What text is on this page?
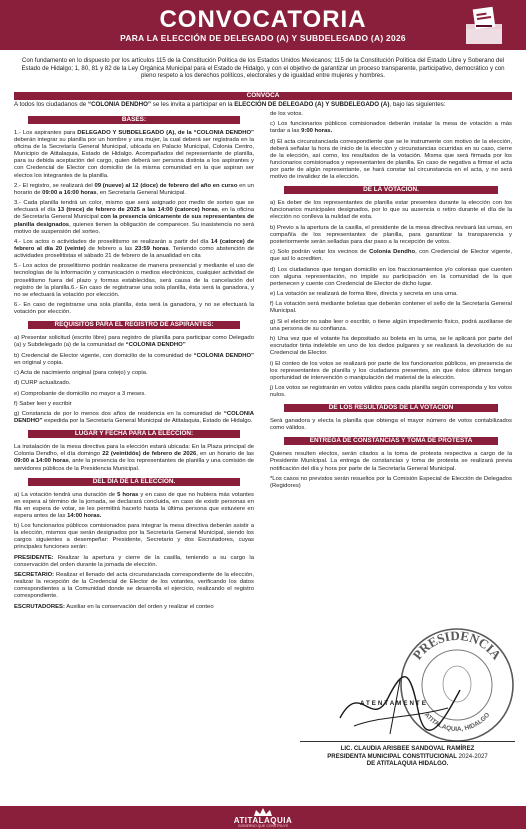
CONVOCATORIA
PARA LA ELECCIÓN DE DELEGADO (A) Y SUBDELEGADO (A) 2026
Con fundamento en lo dispuesto por los artículos 115 de la Constitución Política de los Estados Unidos Mexicanos; 115 de la Constitución Política del Estado Libre y Soberano del Estado de Hidalgo; 1, 80, 81 y 82 de la Ley Orgánica Municipal para el Estado de Hidalgo, y con el objetivo de garantizar un proceso transparente, participativo, democrático y con pleno respeto a los derechos políticos, electorales y de igualdad entre mujeres y hombres.
CONVOCA
A todos los ciudadanos de “COLONIA DENDHO” se les invita a participar en la ELECCIÓN DE DELEGADO (A) Y SUBDELEGADO (A), bajo las siguientes:
BASES:

1.- Los aspirantes para DELEGADO Y SUBDELEGADO (A), de la “COLONIA DENDHO” deberán integrar su planilla por un hombre y una mujer, la cual deberá ser registrada en la oficina de la Secretaría General Municipal, ubicada en Palacio Municipal, Colonia Centro, Municipio de Atitalaquia, Estado de Hidalgo. Acompañados del representante de planilla, para su debida aceptación del cargo, quien deberá ser persona distinta a los aspirantes y con Credencial de Elector con domicilio de la misma comunidad en la que aspiran ser electos los integrantes de la planilla.

2.- El registro, se realizará del 09 (nueve) al 12 (doce) de febrero del año en curso en un horario de 09:00 a 16:00 horas, en Secretaría General Municipal.

3.- Cada planilla tendrá un color, mismo que será asignado por medio de sorteo que se efectuará el día 13 (trece) de febrero de 2025 a las 14:00 (catorce) horas, en la oficina de Secretaría General Municipal con la presencia únicamente de sus representantes de planilla designados, quienes tienen la obligación de comparecer. Su inasistencia no será motivo de suspensión del sorteo.

4.- Los actos o actividades de proselitismo se realizarán a partir del día 14 (catorce) de febrero al día 20 (veinte) de febrero a las 23:59 horas. Teniendo como abstención de actividades proselitistas el sábado 21 de febrero de la anualidad en cita

5.- Los actos de proselitismo podrán realizarse de manera presencial y mediante el uso de tecnologías de la información y comunicación o medios electrónicos, cualquier actividad de proselitismo fuera del plazo y formas establecidas, será causa de la cancelación del registro de la planilla.6.- En caso de registrarse una sola planilla, ésta será la ganadora, y no se efectuará la votación por elección.

6.- En caso de registrarse una sola planilla, ésta será la ganadora, y no se efectuará la votación por elección.

REQUISITOS PARA EL REGISTRO DE ASPIRANTES:

a) Presentar solicitud (escrito libre) para registro de planilla para participar como Delegado (a) y Subdelegado (a) de la comunidad de “COLONIA DENDHO”

b) Credencial de Elector vigente, con domicilio de la comunidad de “COLONIA DENDHO” en original y copia.

c) Acta de nacimiento original (para cotejo) y copia.

d) CURP actualizado.

e) Comprobante de domicilio no mayor a 3 meses.

f) Saber leer y escribir

g) Constancia de por lo menos dos años de residencia en la comunidad de “COLONIA DENDHO” expedida por la Secretaría General Municipal de Atitalaquia, Estado de Hidalgo.

LUGAR Y FECHA PARA LA ELECCIÓN:

La instalación de la mesa directiva para la elección estará ubicada: En la Plaza principal de Colonia Dendho, el día domingo 22 (veintidós) de febrero de 2026, en un horario de las 09:00 a 14:00 horas, ante la presencia de los representantes de planilla y una comisión de servidores públicos de la Presidencia Municipal.

DEL DÍA DE LA ELECCIÓN.

a) La votación tendrá una duración de 5 horas y en caso de que no hubiera más votantes en espera al término de la jornada, se declarará concluida, en caso de existir personas en fila en espera de votar, se les permitirá hacerlo hasta la última persona que estuviere en espera antes de las 14:00 horas.

b) Los funcionarios públicos comisionados para integrar la mesa directiva deberán asistir a la elección, mismos que serán designados por la Secretaría General Municipal, siendo los cargos siguientes a desempeñar: Presidente, Secretario y dos Escrutadores, cuyas principales funciones serán:

PRESIDENTE: Realizar la apertura y cierre de la casilla, teniendo a su cargo la conservación del orden durante la jornada de elección.

SECRETARIO: Realizar el llenado del acta circunstanciada correspondiente de la elección, realizar la recepción de la Credencial de Elector de los votantes, verificando los datos correspondientes a la Comunidad donde se desarrolla el ejercicio, realizando el registro correspondiente.

ESCRUTADORES: Auxiliar en la conservación del orden y realizar el conteo

de los votos.

c) Los funcionarios públicos comisionados deberán instalar la mesa de votación a más tardar a las 9:00 horas.

d) El acta circunstanciada correspondiente que se le instrumente con motivo de la elección, deberá señalar la hora de inicio de la elección y circunstancias ocurridas en su caso, cierre de la elección, así como, los resultados de la votación. Misma que será firmada por los funcionarios comisionados y representantes de planilla. En caso de negativa a firmar el acta por parte de algún representante, se hará constar tal circunstancia en el acta, y no será motivo de invalidez de la elección.

DE LA VOTACIÓN.

a) Es deber de los representantes de planilla estar presentes durante la elección con los funcionarios municipales designados, por lo que su ausencia o retiro durante el día de la elección no conlleva la nulidad de esta.

b) Previo a la apertura de la casilla, el presidente de la mesa directiva revisará las urnas, en compañía de los representantes de planilla, para garantizar la transparencia y posteriormente serán selladas para dar paso a la recepción de votos.

c) Solo podrán votar los vecinos de Colonia Dendho, con Credencial de Elector vigente, que así lo acrediten.

d) Los ciudadanos que tengan domicilio en los fraccionamientos y/o colonias que cuenten con alguna representación, no impide su participación en la comunidad de la que pertenecen y cuente con Credencial de Elector de dicho lugar.

e) La votación se realizará de forma libre, directa y secreta en una urna.

f) La votación será mediante boletas que deberán contener el sello de la Secretaría General Municipal.

g) Si el elector no sabe leer o escribir, o tiene algún impedimento físico, podrá auxiliarse de una persona de su confianza.

h) Una vez que el votante ha depositado su boleta en la urna, se le aplicará por parte del escrutador tinta indeleble en uno de los dedos pulgares y se realizará la devolución de su Credencial de Elector.

i) El conteo de los votos se realizará por parte de los funcionarios públicos, en presencia de los representantes de planilla y los ciudadanos presentes, sin que éstos últimos tengan oportunidad de intervención o manipulación del material de la elección.

j) Los votos se registrarán en votos válidos para cada planilla según corresponda y los votos nulos.

DE LOS RESULTADOS DE LA VOTACIÓN

Será ganadora y electa la planilla que obtenga el mayor número de votos contabilizados como válidos.

ENTREGA DE CONSTANCIAS Y TOMA DE PROTESTA

Quienes resulten electos, serán citados a la toma de protesta respectiva a cargo de la Presidente Municipal. La entrega de constancias y toma de protesta se realizará previa notificación del día y hora por parte de la Secretaría General Municipal.

*Los casos no previstos serán resueltos por la Comisión Especial de Elección de Delegados (Regidores)

PRESIDENCIA
ATITALAQUIA, HIDALGO
ATENTAMENTE
LIC. CLAUDIA ARISBEE SANDOVAL RAMÍREZ
PRESIDENTA MUNICIPAL CONSTITUCIONAL 2024-2027
DE ATITALAQUIA HIDALGO.
ATITALAQUIA
GOBIERNO QUE CONSTRUYE
